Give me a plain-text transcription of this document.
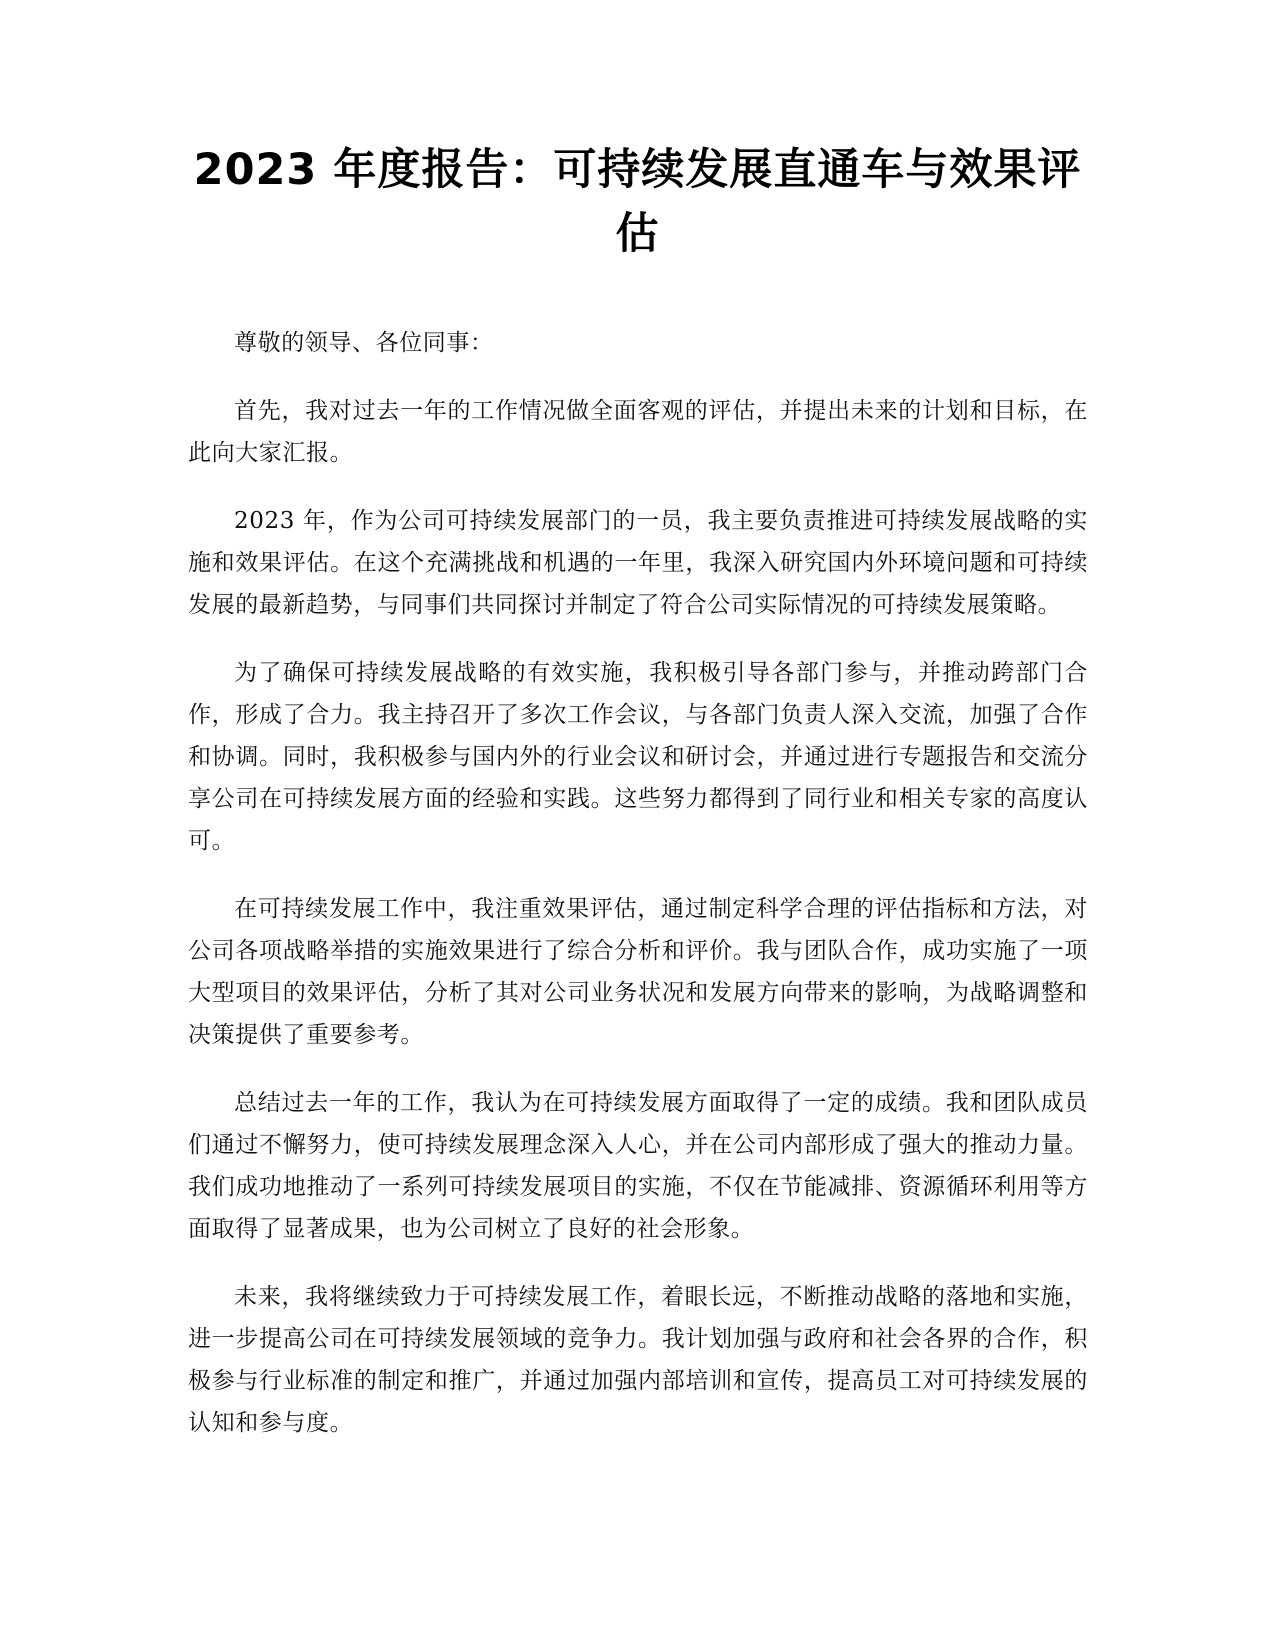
2023 年度报告：可持续发展直通车与效果评估

尊敬的领导、各位同事：

首先，我对过去一年的工作情况做全面客观的评估，并提出未来的计划和目标，在此向大家汇报。

2023 年，作为公司可持续发展部门的一员，我主要负责推进可持续发展战略的实施和效果评估。在这个充满挑战和机遇的一年里，我深入研究国内外环境问题和可持续发展的最新趋势，与同事们共同探讨并制定了符合公司实际情况的可持续发展策略。

为了确保可持续发展战略的有效实施，我积极引导各部门参与，并推动跨部门合作，形成了合力。我主持召开了多次工作会议，与各部门负责人深入交流，加强了合作和协调。同时，我积极参与国内外的行业会议和研讨会，并通过进行专题报告和交流分享公司在可持续发展方面的经验和实践。这些努力都得到了同行业和相关专家的高度认可。

在可持续发展工作中，我注重效果评估，通过制定科学合理的评估指标和方法，对公司各项战略举措的实施效果进行了综合分析和评价。我与团队合作，成功实施了一项大型项目的效果评估，分析了其对公司业务状况和发展方向带来的影响，为战略调整和决策提供了重要参考。

总结过去一年的工作，我认为在可持续发展方面取得了一定的成绩。我和团队成员们通过不懈努力，使可持续发展理念深入人心，并在公司内部形成了强大的推动力量。我们成功地推动了一系列可持续发展项目的实施，不仅在节能减排、资源循环利用等方面取得了显著成果，也为公司树立了良好的社会形象。

未来，我将继续致力于可持续发展工作，着眼长远，不断推动战略的落地和实施，进一步提高公司在可持续发展领域的竞争力。我计划加强与政府和社会各界的合作，积极参与行业标准的制定和推广，并通过加强内部培训和宣传，提高员工对可持续发展的认知和参与度。
